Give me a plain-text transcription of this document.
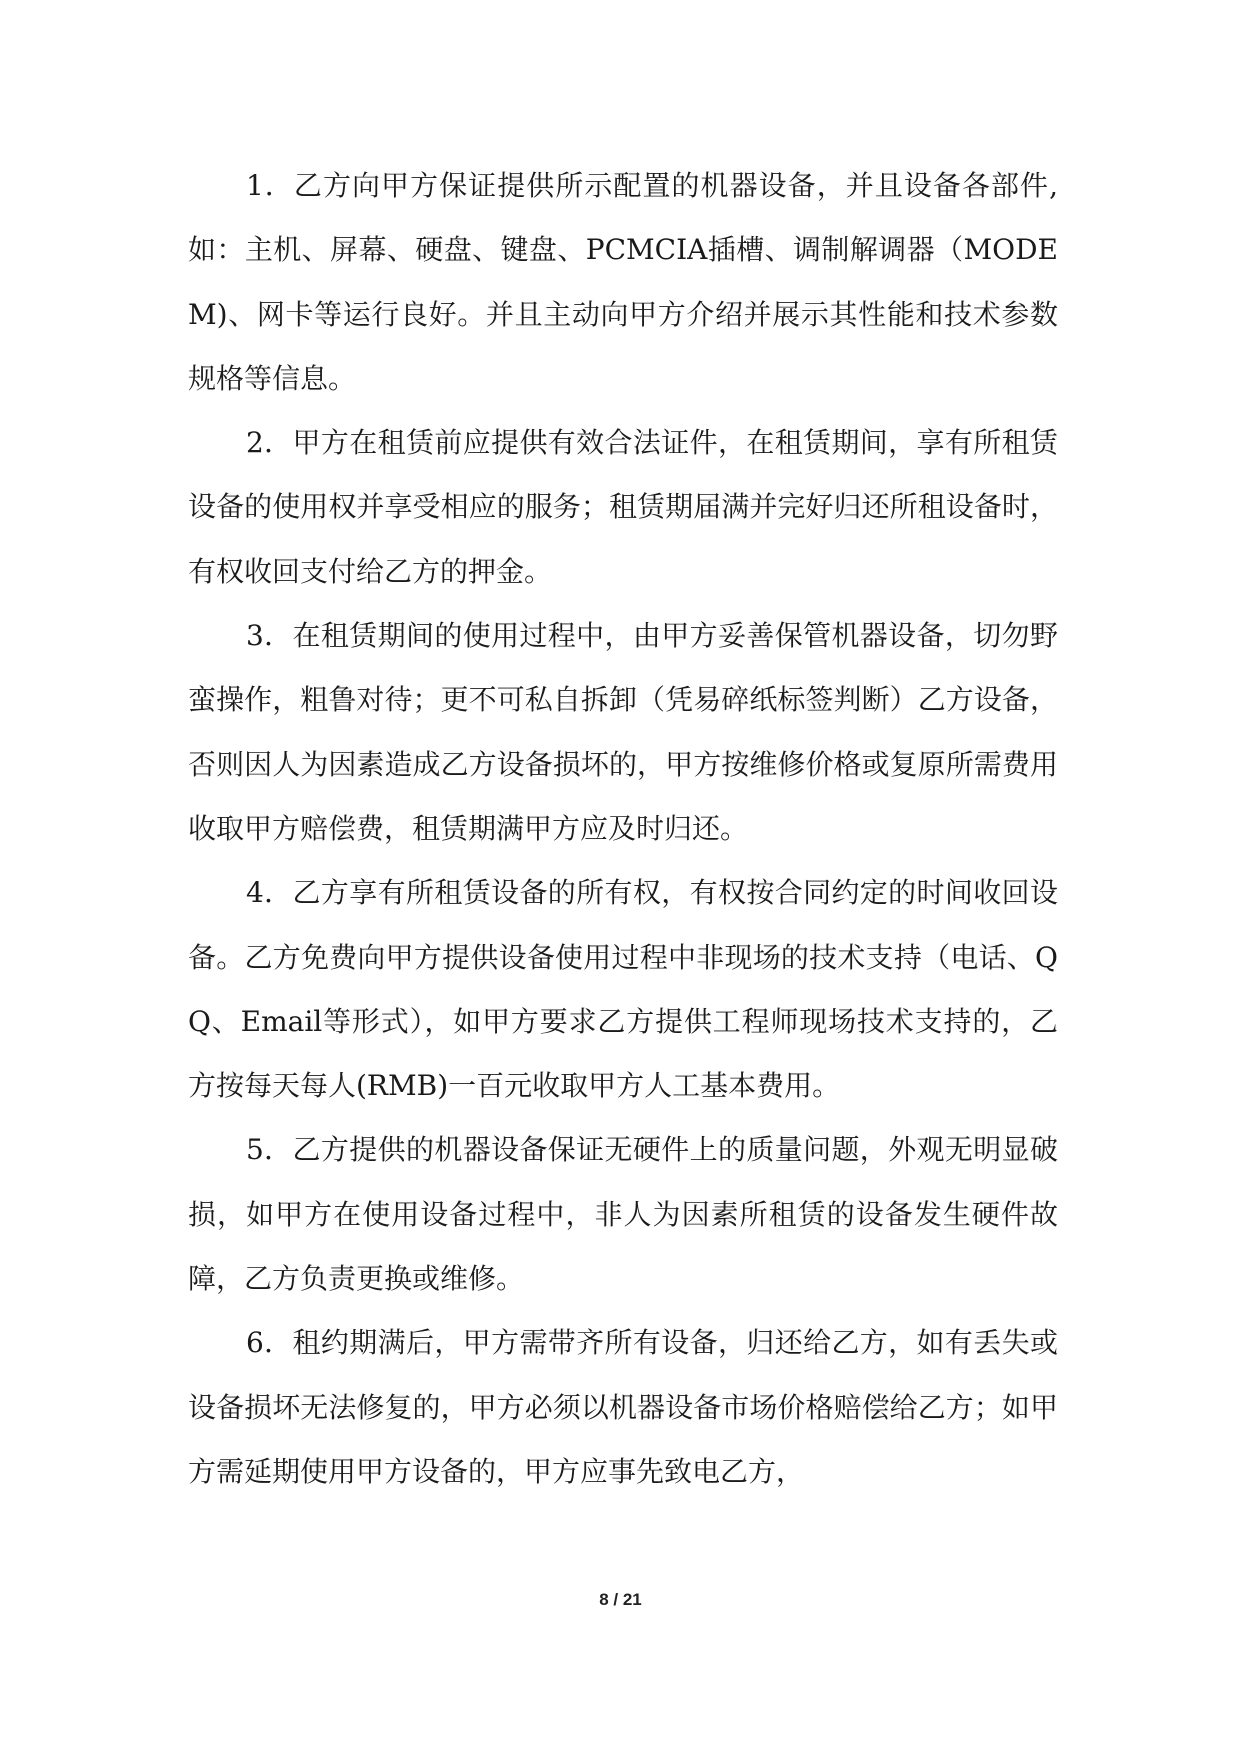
1．乙方向甲方保证提供所示配置的机器设备，并且设备各部件,如：主机、屏幕、硬盘、键盘、PCMCIA插槽、调制解调器（MODEM)、网卡等运行良好。并且主动向甲方介绍并展示其性能和技术参数规格等信息。

2．甲方在租赁前应提供有效合法证件，在租赁期间，享有所租赁设备的使用权并享受相应的服务；租赁期届满并完好归还所租设备时，有权收回支付给乙方的押金。

3．在租赁期间的使用过程中，由甲方妥善保管机器设备，切勿野蛮操作，粗鲁对待；更不可私自拆卸（凭易碎纸标签判断）乙方设备，否则因人为因素造成乙方设备损坏的，甲方按维修价格或复原所需费用收取甲方赔偿费，租赁期满甲方应及时归还。

4．乙方享有所租赁设备的所有权，有权按合同约定的时间收回设备。乙方免费向甲方提供设备使用过程中非现场的技术支持（电话、QQ、Email等形式），如甲方要求乙方提供工程师现场技术支持的，乙方按每天每人(RMB)一百元收取甲方人工基本费用。

5．乙方提供的机器设备保证无硬件上的质量问题，外观无明显破损，如甲方在使用设备过程中，非人为因素所租赁的设备发生硬件故障，乙方负责更换或维修。

6．租约期满后，甲方需带齐所有设备，归还给乙方，如有丢失或设备损坏无法修复的，甲方必须以机器设备市场价格赔偿给乙方；如甲方需延期使用甲方设备的，甲方应事先致电乙方，

8 / 21
